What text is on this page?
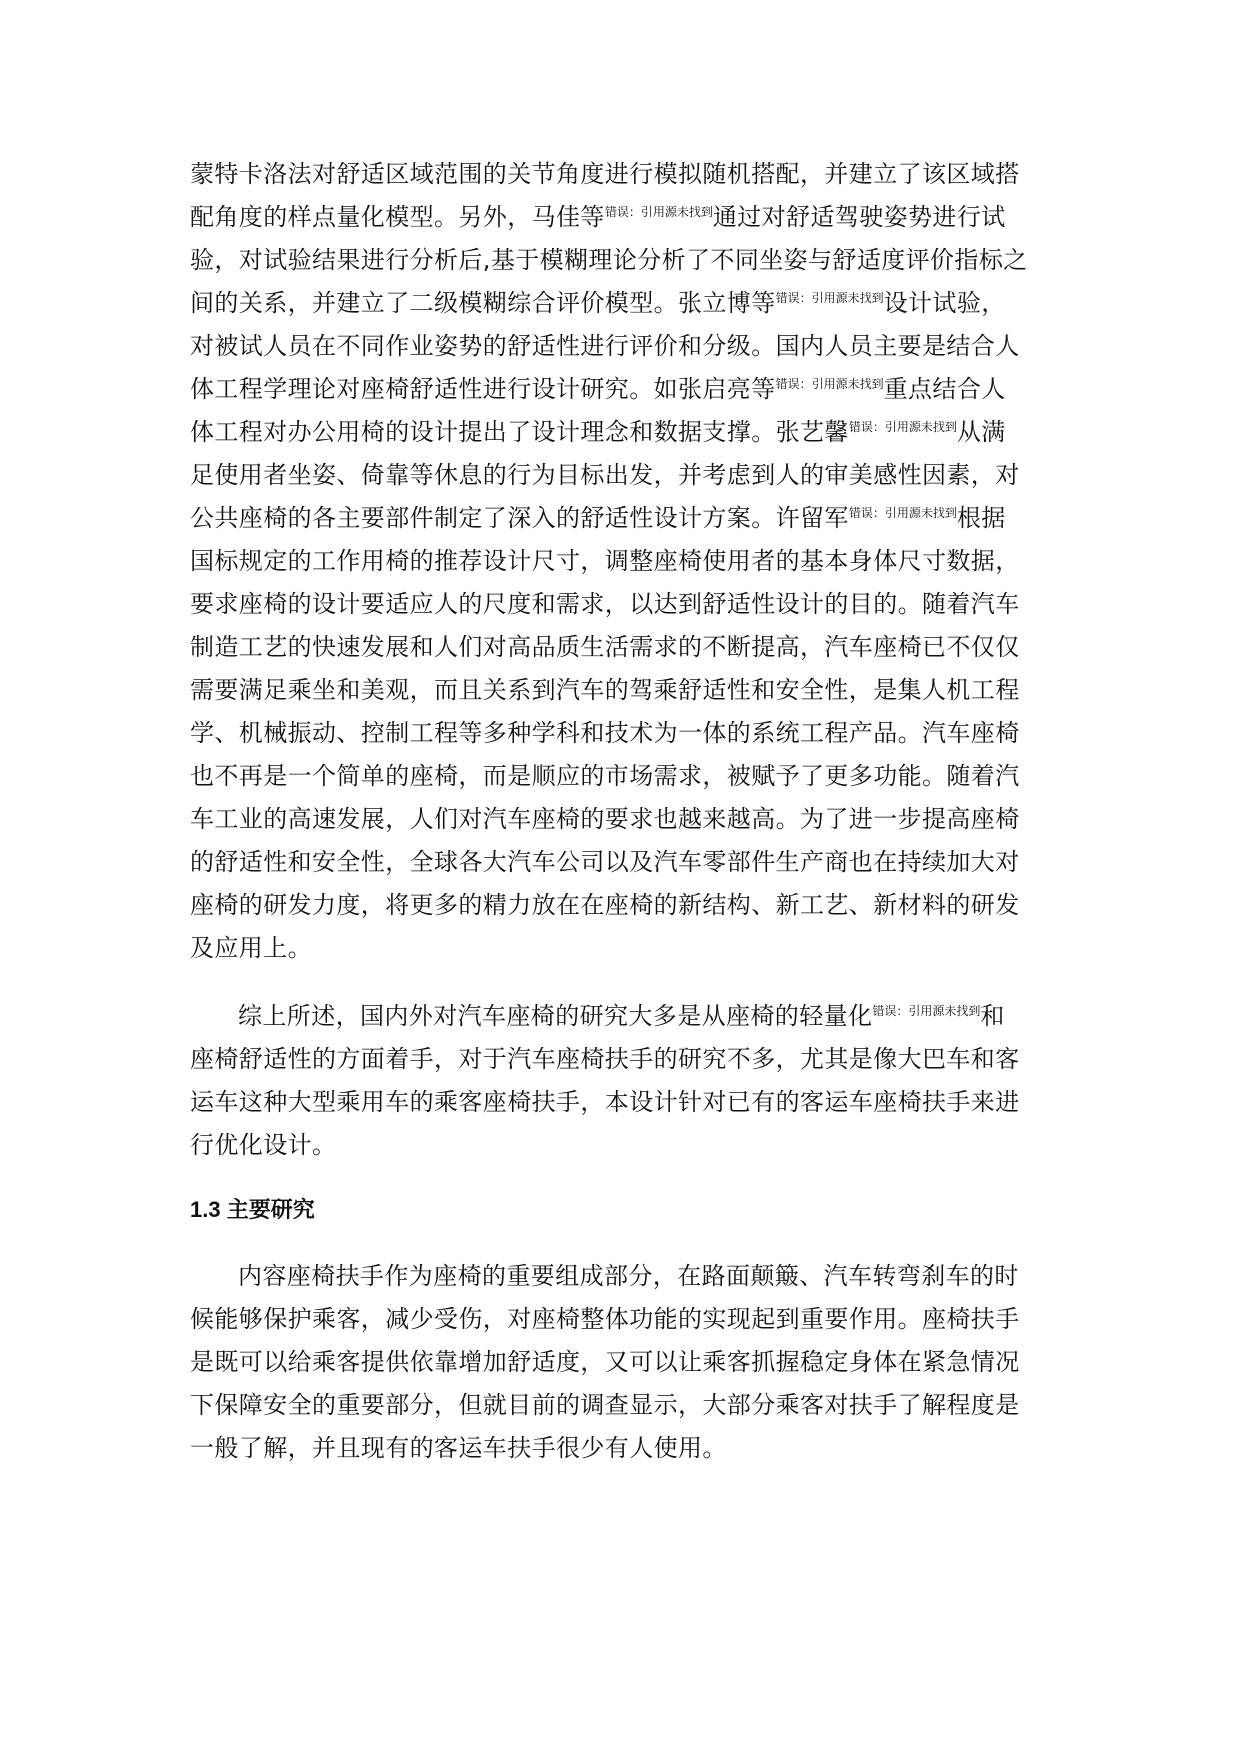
蒙特卡洛法对舒适区域范围的关节角度进行模拟随机搭配，并建立了该区域搭
配角度的样点量化模型。另外，马佳等$^{错误:引用源未找到}$通过对舒适驾驶姿势进行试
验，对试验结果进行分析后,基于模糊理论分析了不同坐姿与舒适度评价指标之
间的关系，并建立了二级模糊综合评价模型。张立博等$^{错误:引用源未找到}$设计试验，
对被试人员在不同作业姿势的舒适性进行评价和分级。国内人员主要是结合人
体工程学理论对座椅舒适性进行设计研究。如张启亮等$^{错误:引用源未找到}$重点结合人
体工程对办公用椅的设计提出了设计理念和数据支撑。张艺馨$^{错误:引用源未找到}$从满
足使用者坐姿、倚靠等休息的行为目标出发，并考虑到人的审美感性因素，对
公共座椅的各主要部件制定了深入的舒适性设计方案。许留军$^{错误:引用源未找到}$根据
国标规定的工作用椅的推荐设计尺寸，调整座椅使用者的基本身体尺寸数据，
要求座椅的设计要适应人的尺度和需求，以达到舒适性设计的目的。随着汽车
制造工艺的快速发展和人们对高品质生活需求的不断提高，汽车座椅已不仅仅
需要满足乘坐和美观，而且关系到汽车的驾乘舒适性和安全性，是集人机工程
学、机械振动、控制工程等多种学科和技术为一体的系统工程产品。汽车座椅
也不再是一个简单的座椅，而是顺应的市场需求，被赋予了更多功能。随着汽
车工业的高速发展，人们对汽车座椅的要求也越来越高。为了进一步提高座椅
的舒适性和安全性，全球各大汽车公司以及汽车零部件生产商也在持续加大对
座椅的研发力度，将更多的精力放在在座椅的新结构、新工艺、新材料的研发
及应用上。
综上所述，国内外对汽车座椅的研究大多是从座椅的轻量化$^{错误:引用源未找到}$和
座椅舒适性的方面着手，对于汽车座椅扶手的研究不多，尤其是像大巴车和客
运车这种大型乘用车的乘客座椅扶手，本设计针对已有的客运车座椅扶手来进
行优化设计。
1.3 主要研究
内容座椅扶手作为座椅的重要组成部分，在路面颠簸、汽车转弯刹车的时
候能够保护乘客，减少受伤，对座椅整体功能的实现起到重要作用。座椅扶手
是既可以给乘客提供依靠增加舒适度，又可以让乘客抓握稳定身体在紧急情况
下保障安全的重要部分，但就目前的调查显示，大部分乘客对扶手了解程度是
一般了解，并且现有的客运车扶手很少有人使用。
